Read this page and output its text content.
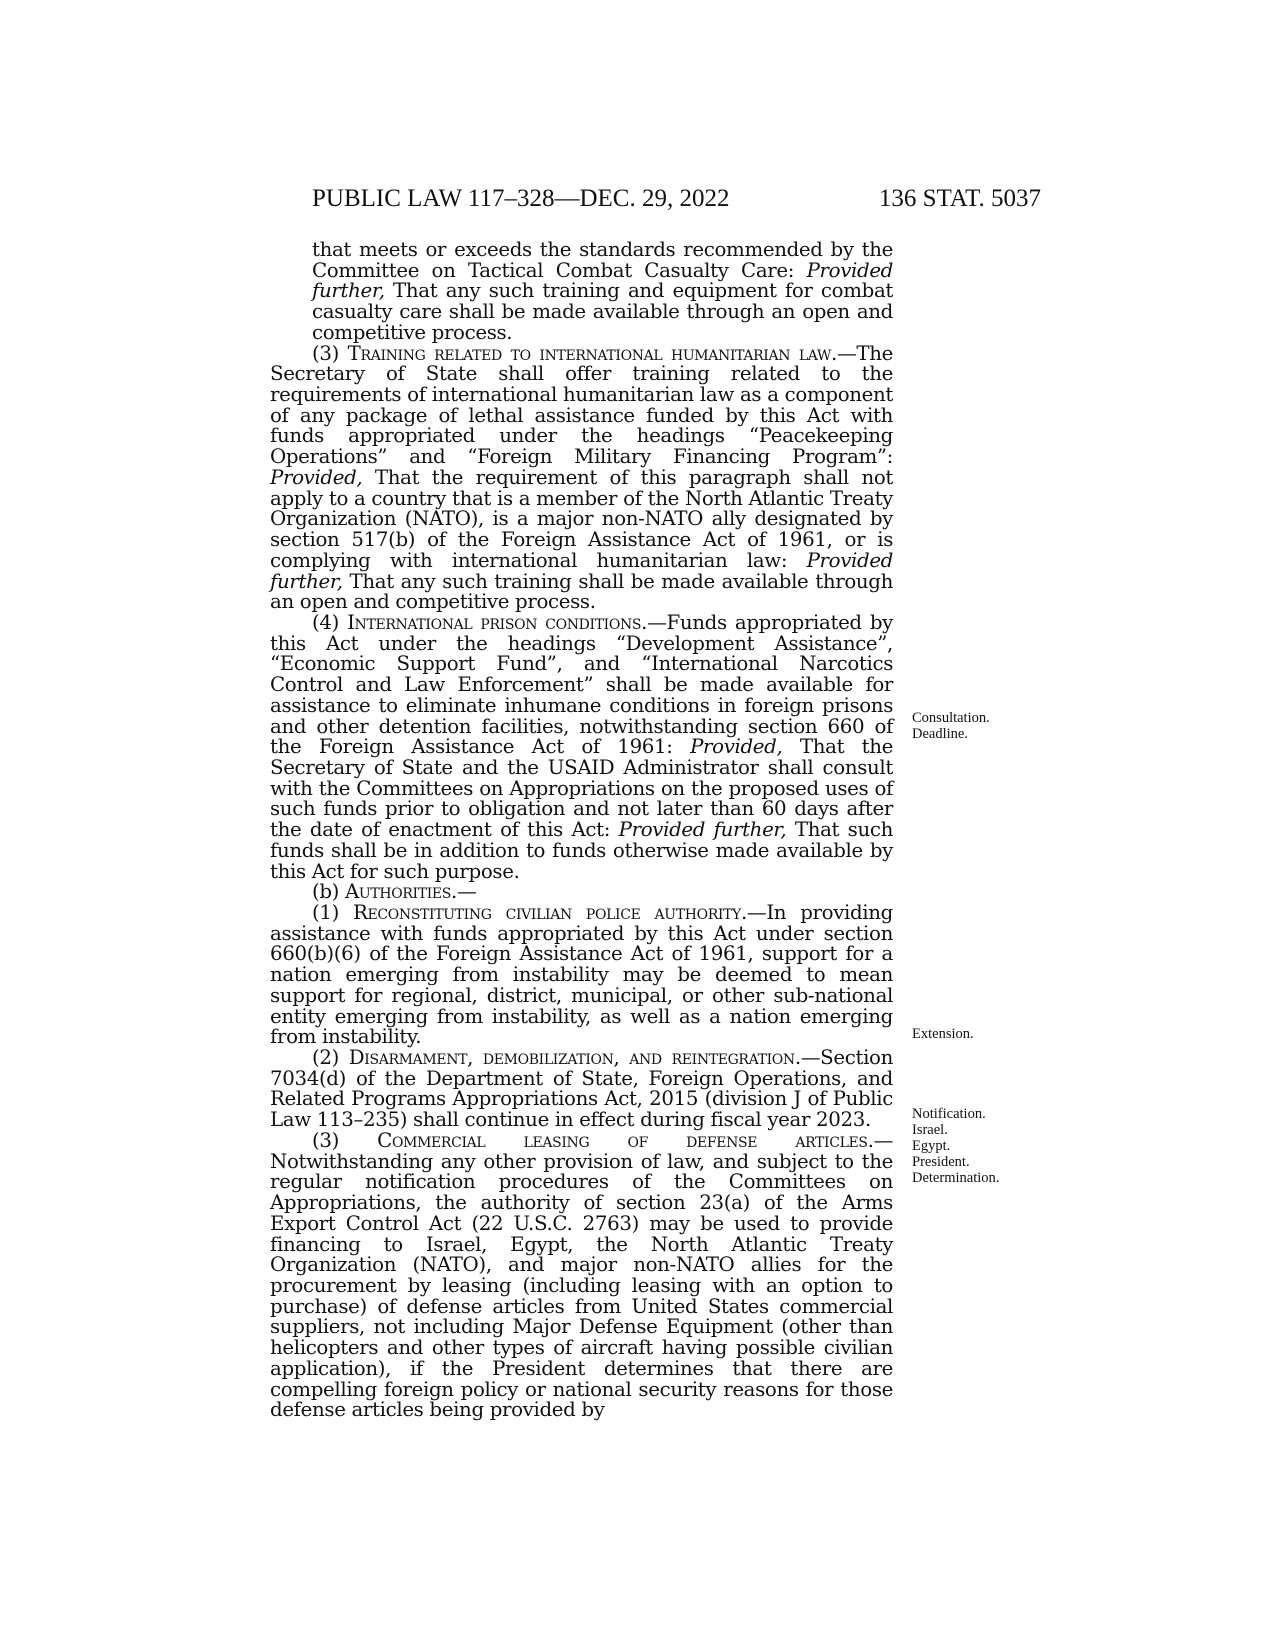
PUBLIC LAW 117–328—DEC. 29, 2022	136 STAT. 5037

that meets or exceeds the standards recommended by the Committee on Tactical Combat Casualty Care: Provided further, That any such training and equipment for combat casualty care shall be made available through an open and competitive process.

(3) Training related to international humanitarian law.—The Secretary of State shall offer training related to the requirements of international humanitarian law as a component of any package of lethal assistance funded by this Act with funds appropriated under the headings “Peacekeeping Operations” and “Foreign Military Financing Program”: Provided, That the requirement of this paragraph shall not apply to a country that is a member of the North Atlantic Treaty Organization (NATO), is a major non-NATO ally designated by section 517(b) of the Foreign Assistance Act of 1961, or is complying with international humanitarian law: Provided further, That any such training shall be made available through an open and competitive process.

(4) International prison conditions.—Funds appropriated by this Act under the headings “Development Assistance”, “Economic Support Fund”, and “International Narcotics Control and Law Enforcement” shall be made available for assistance to eliminate inhumane conditions in foreign prisons and other detention facilities, notwithstanding section 660 of the Foreign Assistance Act of 1961: Provided, That the Secretary of State and the USAID Administrator shall consult with the Committees on Appropriations on the proposed uses of such funds prior to obligation and not later than 60 days after the date of enactment of this Act: Provided further, That such funds shall be in addition to funds otherwise made available by this Act for such purpose.

(b) Authorities.—

(1) Reconstituting civilian police authority.—In providing assistance with funds appropriated by this Act under section 660(b)(6) of the Foreign Assistance Act of 1961, support for a nation emerging from instability may be deemed to mean support for regional, district, municipal, or other sub-national entity emerging from instability, as well as a nation emerging from instability.

(2) Disarmament, demobilization, and reintegration.—Section 7034(d) of the Department of State, Foreign Operations, and Related Programs Appropriations Act, 2015 (division J of Public Law 113–235) shall continue in effect during fiscal year 2023.

(3) Commercial leasing of defense articles.—Notwithstanding any other provision of law, and subject to the regular notification procedures of the Committees on Appropriations, the authority of section 23(a) of the Arms Export Control Act (22 U.S.C. 2763) may be used to provide financing to Israel, Egypt, the North Atlantic Treaty Organization (NATO), and major non-NATO allies for the procurement by leasing (including leasing with an option to purchase) of defense articles from United States commercial suppliers, not including Major Defense Equipment (other than helicopters and other types of aircraft having possible civilian application), if the President determines that there are compelling foreign policy or national security reasons for those defense articles being provided by

Consultation.
Deadline.
Extension.
Notification.
Israel.
Egypt.
President.
Determination.
